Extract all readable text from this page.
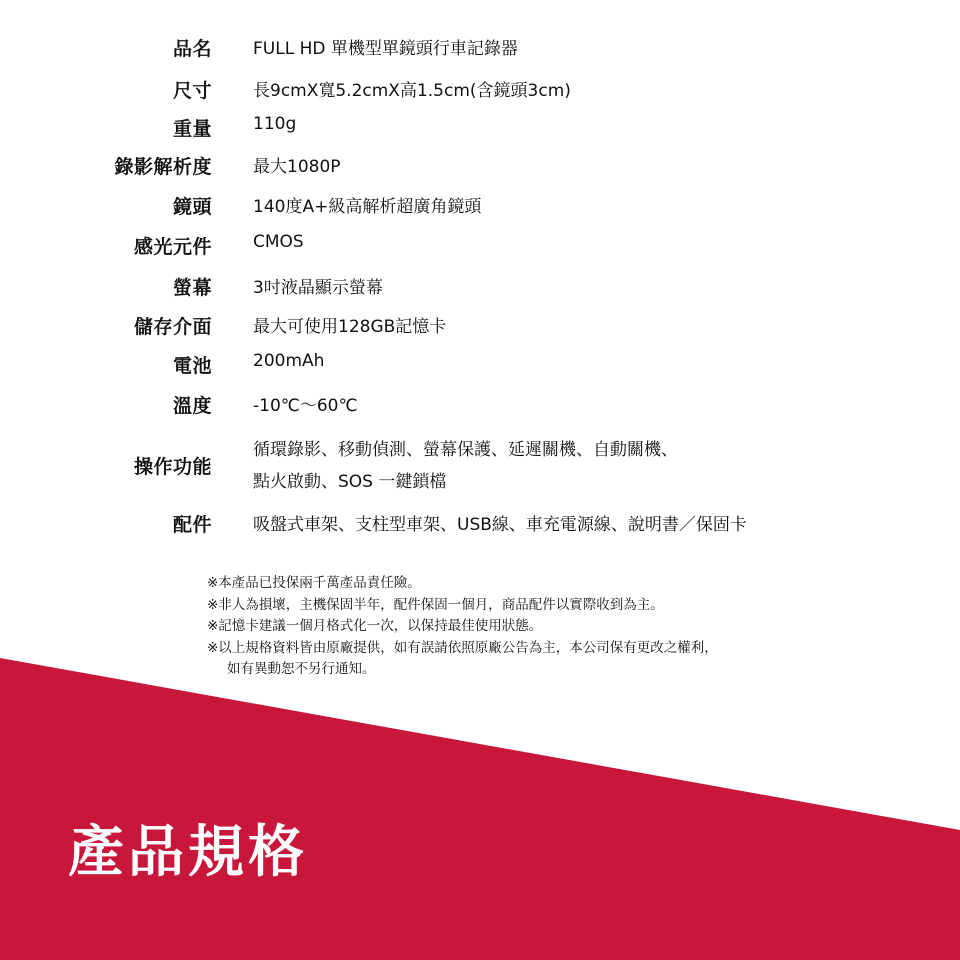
品名 FULL HD 單機型單鏡頭行車記錄器
尺寸 長9cmX寬5.2cmX高1.5cm(含鏡頭3cm)
重量 110g
錄影解析度 最大1080P
鏡頭 140度A+級高解析超廣角鏡頭
感光元件 CMOS
螢幕 3吋液晶顯示螢幕
儲存介面 最大可使用128GB記憶卡
電池 200mAh
溫度 -10℃～60℃
操作功能
循環錄影、移動偵測、螢幕保護、延遲關機、自動關機、
點火啟動、SOS 一鍵鎖檔
配件 吸盤式車架、支柱型車架、USB線、車充電源線、說明書／保固卡
※本產品已投保兩千萬產品責任險。
※非人為損壞，主機保固半年，配件保固一個月，商品配件以實際收到為主。
※記憶卡建議一個月格式化一次，以保持最佳使用狀態。
※以上規格資料皆由原廠提供，如有誤請依照原廠公告為主，本公司保有更改之權利，
如有異動恕不另行通知。
產品規格
